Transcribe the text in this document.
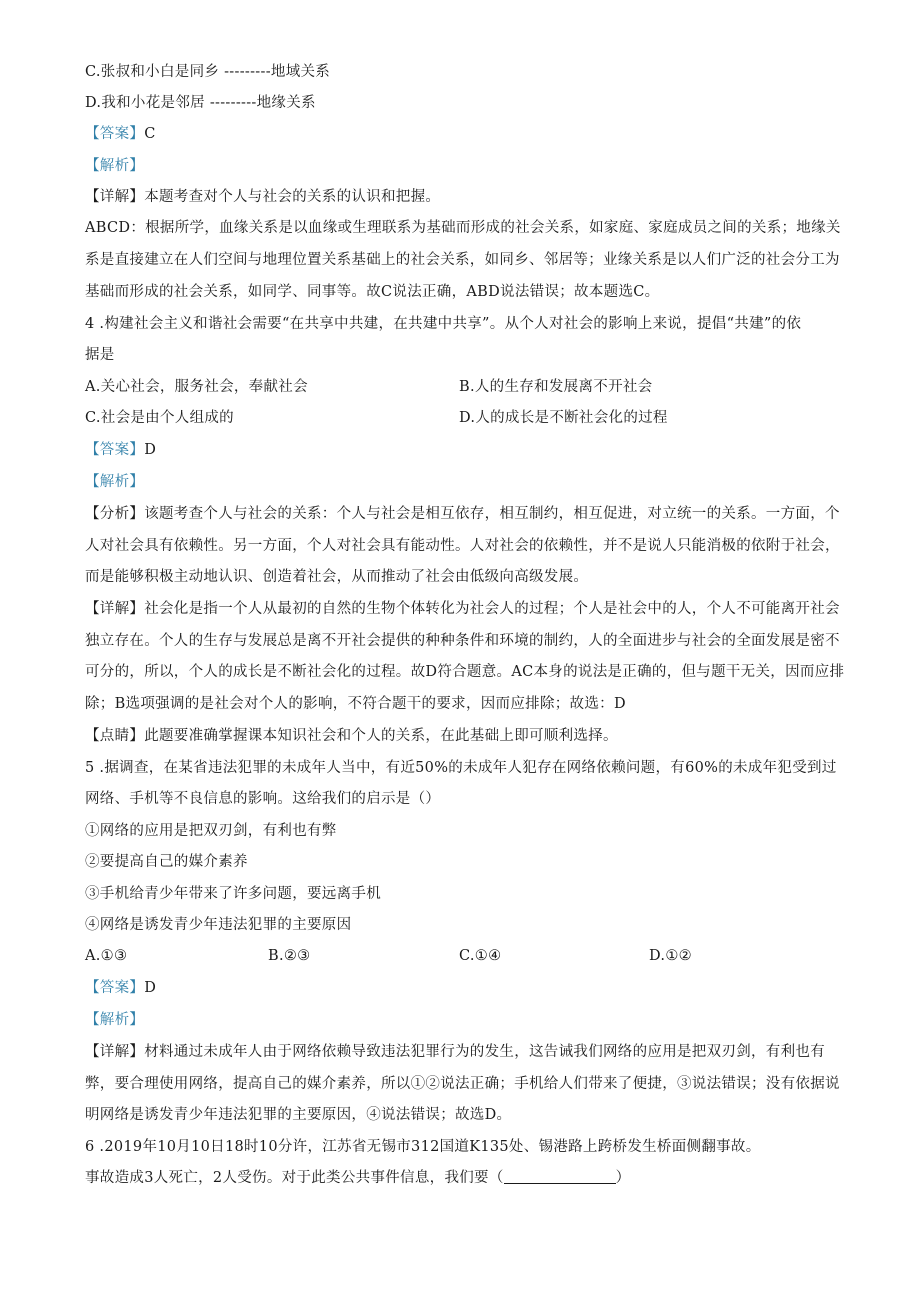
C.张叔和小白是同乡 ---------地域关系
D.我和小花是邻居 ---------地缘关系
【答案】C
【解析】
【详解】本题考查对个人与社会的关系的认识和把握。
ABCD：根据所学，血缘关系是以血缘或生理联系为基础而形成的社会关系，如家庭、家庭成员之间的关系；地缘关
系是直接建立在人们空间与地理位置关系基础上的社会关系，如同乡、邻居等；业缘关系是以人们广泛的社会分工为
基础而形成的社会关系，如同学、同事等。故C说法正确，ABD说法错误；故本题选C。
4 .构建社会主义和谐社会需要“在共享中共建，在共建中共享”。从个人对社会的影响上来说，提倡“共建”的依
据是
A.关心社会，服务社会，奉献社会	B.人的生存和发展离不开社会
C.社会是由个人组成的	D.人的成长是不断社会化的过程
【答案】D
【解析】
【分析】该题考查个人与社会的关系：个人与社会是相互依存，相互制约，相互促进，对立统一的关系。一方面，个
人对社会具有依赖性。另一方面，个人对社会具有能动性。人对社会的依赖性，并不是说人只能消极的依附于社会，
而是能够积极主动地认识、创造着社会，从而推动了社会由低级向高级发展。
【详解】社会化是指一个人从最初的自然的生物个体转化为社会人的过程；个人是社会中的人，个人不可能离开社会
独立存在。个人的生存与发展总是离不开社会提供的种种条件和环境的制约，人的全面进步与社会的全面发展是密不
可分的，所以，个人的成长是不断社会化的过程。故D符合题意。AC本身的说法是正确的，但与题干无关，因而应排
除；B选项强调的是社会对个人的影响，不符合题干的要求，因而应排除；故选：D
【点睛】此题要准确掌握课本知识社会和个人的关系，在此基础上即可顺利选择。
5 .据调查，在某省违法犯罪的未成年人当中，有近50%的未成年人犯存在网络依赖问题，有60%的未成年犯受到过
网络、手机等不良信息的影响。这给我们的启示是（）
①网络的应用是把双刃剑，有利也有弊
②要提高自己的媒介素养
③手机给青少年带来了许多问题，要远离手机
④网络是诱发青少年违法犯罪的主要原因
A.①③	B.②③	C.①④	D.①②
【答案】D
【解析】
【详解】材料通过未成年人由于网络依赖导致违法犯罪行为的发生，这告诫我们网络的应用是把双刃剑，有利也有
弊，要合理使用网络，提高自己的媒介素养，所以①②说法正确；手机给人们带来了便捷，③说法错误；没有依据说
明网络是诱发青少年违法犯罪的主要原因，④说法错误；故选D。
6 .2019年10月10日18时10分许，江苏省无锡市312国道K135处、锡港路上跨桥发生桥面侧翻事故。
事故造成3人死亡，2人受伤。对于此类公共事件信息，我们要（	）
